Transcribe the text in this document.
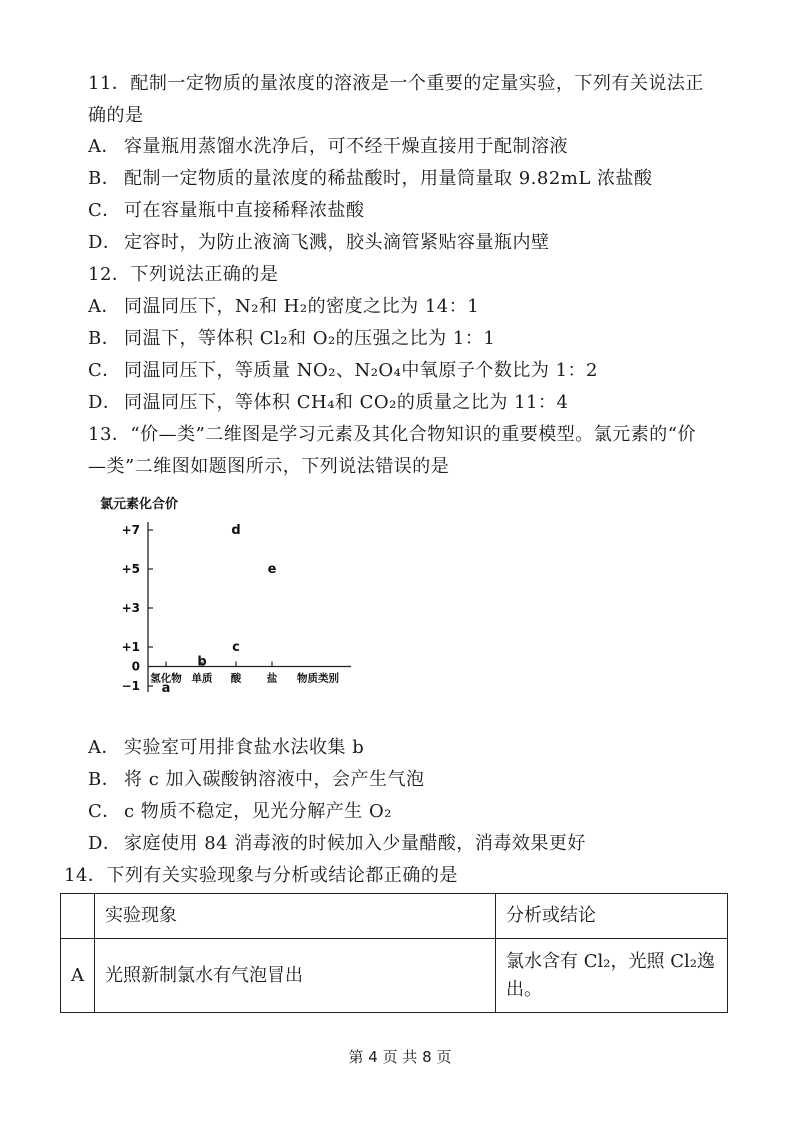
11．配制一定物质的量浓度的溶液是一个重要的定量实验，下列有关说法正
确的是
A． 容量瓶用蒸馏水洗净后，可不经干燥直接用于配制溶液
B． 配制一定物质的量浓度的稀盐酸时，用量筒量取 9.82mL 浓盐酸
C． 可在容量瓶中直接稀释浓盐酸
D． 定容时，为防止液滴飞溅，胶头滴管紧贴容量瓶内壁
12．下列说法正确的是
A． 同温同压下，N₂和 H₂的密度之比为 14：1
B． 同温下，等体积 Cl₂和 O₂的压强之比为 1：1
C． 同温同压下，等质量 NO₂、N₂O₄中氧原子个数比为 1：2
D． 同温同压下，等体积 CH₄和 CO₂的质量之比为 11：4
13．“价—类”二维图是学习元素及其化合物知识的重要模型。氯元素的“价
—类”二维图如题图所示，下列说法错误的是
氯元素化合价
+7
+5
+3
+1
0
−1
氢化物 单质 酸 盐 物质类别
a
b
c
d
e
A． 实验室可用排食盐水法收集 b
B． 将 c 加入碳酸钠溶液中，会产生气泡
C． c 物质不稳定，见光分解产生 O₂
D． 家庭使用 84 消毒液的时候加入少量醋酸，消毒效果更好
14．下列有关实验现象与分析或结论都正确的是
	实验现象	分析或结论
A	光照新制氯水有气泡冒出	氯水含有 Cl₂，光照 Cl₂逸
出。
第 4 页 共 8 页
